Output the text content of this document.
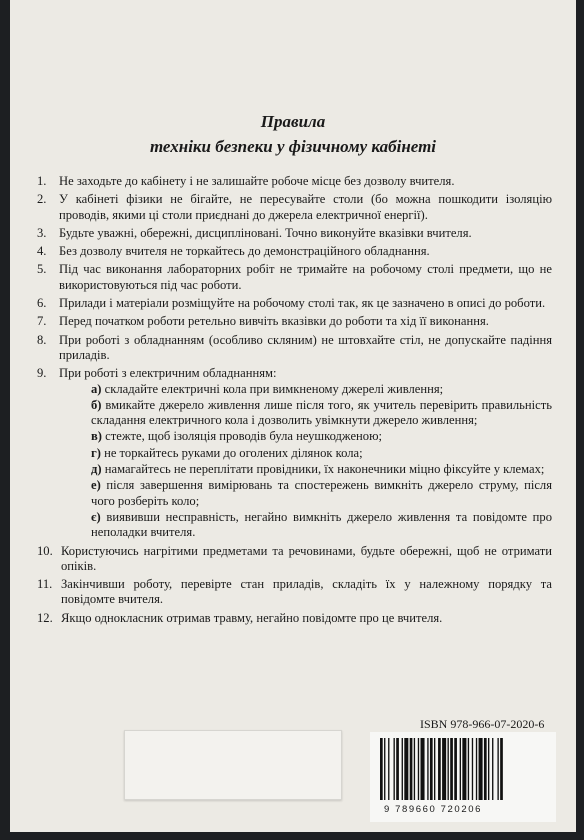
Правила
техніки безпеки у фізичному кабінеті
1. Не заходьте до кабінету і не залишайте робоче місце без дозволу вчителя.
2. У кабінеті фізики не бігайте, не пересувайте столи (бо можна пошкодити ізоляцію проводів, якими ці столи приєднані до джерела електричної енергії).
3. Будьте уважні, обережні, дисципліновані. Точно виконуйте вказівки вчителя.
4. Без дозволу вчителя не торкайтесь до демонстраційного обладнання.
5. Під час виконання лабораторних робіт не тримайте на робочому столі предмети, що не використовуються під час роботи.
6. Прилади і матеріали розміщуйте на робочому столі так, як це зазначено в описі до роботи.
7. Перед початком роботи ретельно вивчіть вказівки до роботи та хід її виконання.
8. При роботі з обладнанням (особливо скляним) не штовхайте стіл, не допускайте падіння приладів.
9. При роботі з електричним обладнанням:
а) складайте електричні кола при вимкненому джерелі живлення;
б) вмикайте джерело живлення лише після того, як учитель перевірить правильність складання електричного кола і дозволить увімкнути джерело живлення;
в) стежте, щоб ізоляція проводів була неушкодженою;
г) не торкайтесь руками до оголених ділянок кола;
д) намагайтесь не переплітати провідники, їх наконечники міцно фіксуйте у клемах;
е) після завершення вимірювань та спостережень вимкніть джерело струму, після чого розберіть коло;
є) виявивши несправність, негайно вимкніть джерело живлення та повідомте про неполадки вчителя.
10. Користуючись нагрітими предметами та речовинами, будьте обережні, щоб не отримати опіків.
11. Закінчивши роботу, перевірте стан приладів, складіть їх у належному порядку та повідомте вчителя.
12. Якщо однокласник отримав травму, негайно повідомте про це вчителя.
ISBN 978-966-07-2020-6
9 789660 720206
